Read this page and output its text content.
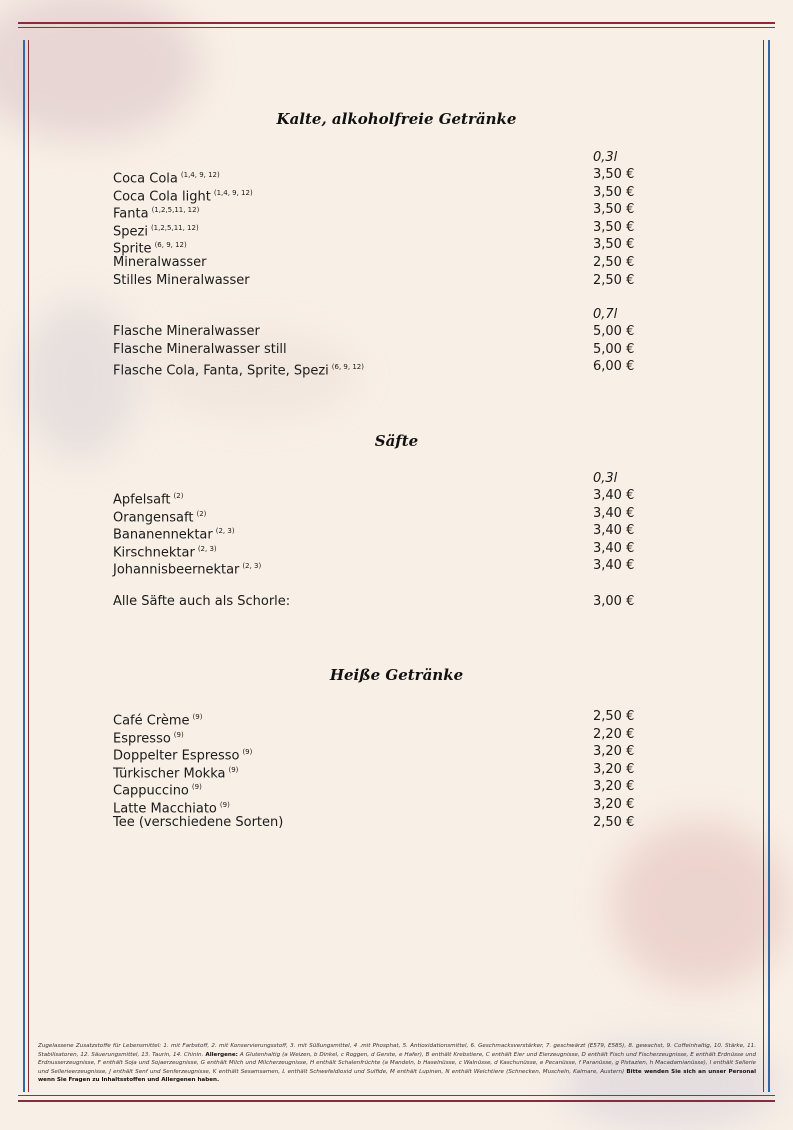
Kalte, alkoholfreie Getränke
0,3l
Coca Cola $^{(1,4, 9, 12)}$	3,50 €
Coca Cola light $^{(1,4, 9, 12)}$	3,50 €
Fanta $^{(1,2,5,11, 12)}$	3,50 €
Spezi $^{(1,2,5,11, 12)}$	3,50 €
Sprite $^{(6, 9, 12)}$	3,50 €
Mineralwasser	2,50 €
Stilles Mineralwasser	2,50 €
0,7l
Flasche Mineralwasser	5,00 €
Flasche Mineralwasser still	5,00 €
Flasche Cola, Fanta, Sprite, Spezi $^{(6, 9, 12)}$	6,00 €
Säfte
0,3l
Apfelsaft $^{(2)}$	3,40 €
Orangensaft $^{(2)}$	3,40 €
Bananennektar $^{(2, 3)}$	3,40 €
Kirschnektar $^{(2, 3)}$	3,40 €
Johannisbeernektar $^{(2, 3)}$	3,40 €
Alle Säfte auch als Schorle:	3,00 €
Heiße Getränke
Café Crème $^{(9)}$	2,50 €
Espresso $^{(9)}$	2,20 €
Doppelter Espresso $^{(9)}$	3,20 €
Türkischer Mokka $^{(9)}$	3,20 €
Cappuccino $^{(9)}$	3,20 €
Latte Macchiato $^{(9)}$	3,20 €
Tee (verschiedene Sorten)	2,50 €
Zugelassene Zusatzstoffe für Lebensmittel: 1. mit Farbstoff, 2. mit Konservierungsstoff, 3. mit Süßungsmittel, 4 .mit Phosphat, 5. Antioxidationsmittel, 6. Geschmacksverstärker, 7. geschwärzt (E579, E585), 8. gewachst, 9. Coffeinhaltig, 10. Stärke, 11. Stabilisatoren, 12. Säuerungsmittel, 13. Taurin, 14. Chinin. Allergene: A Glutenhaltig (a Weizen, b Dinkel, c Roggen, d Gerste, e Hafer), B enthält Krebstiere, C enthält Eier und Eierzeugnisse, D enthält Fisch und Fischerzeugnisse, E enthält Erdnüsse und Erdnusserzeugnisse, F enthält Soja und Sojaerzeugnisse, G enthält Milch und Milcherzeugnisse, H enthält Schalenfrüchte (a Mandeln, b Haselnüsse, c Walnüsse, d Kaschunüsse, e Pecanüsse, f Paranüsse, g Pistazien, h Macadamianüsse), I enthält Sellerie und Sellerieerzeugnisse, J enthält Senf und Senferzeugnisse, K enthält Sesamsamen, L enthält Schwefeldioxid und Sulfide, M enthält Lupinen, N enthält Weichtiere (Schnecken, Muscheln, Kalmare, Austern) Bitte wenden Sie sich an unser Personal wenn Sie Fragen zu Inhaltsstoffen und Allergenen haben.
